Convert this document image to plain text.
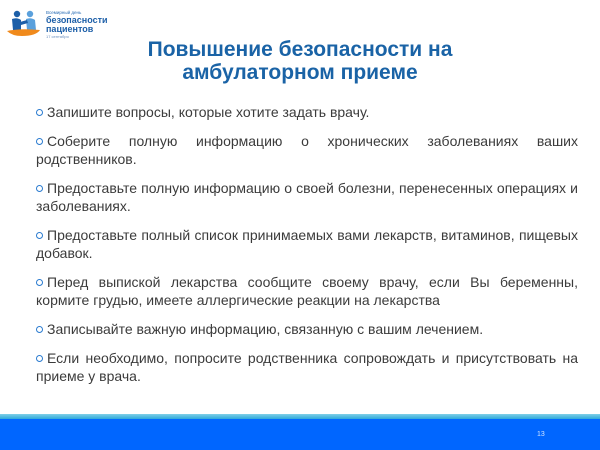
Всемирный день
безопасности
пациентов
17 сентября
Повышение безопасности на
амбулаторном приеме
Запишите вопросы, которые хотите задать врачу.
Соберите полную информацию о хронических заболеваниях ваших родственников.
Предоставьте полную информацию о своей болезни, перенесенных операциях и заболеваниях.
Предоставьте полный список принимаемых вами лекарств, витаминов, пищевых добавок.
Перед выпиской лекарства сообщите своему врачу, если Вы беременны, кормите грудью, имеете аллергические реакции на лекарства
Записывайте важную информацию, связанную с вашим лечением.
Если необходимо, попросите родственника сопровождать и присутствовать на приеме у врача.
13
